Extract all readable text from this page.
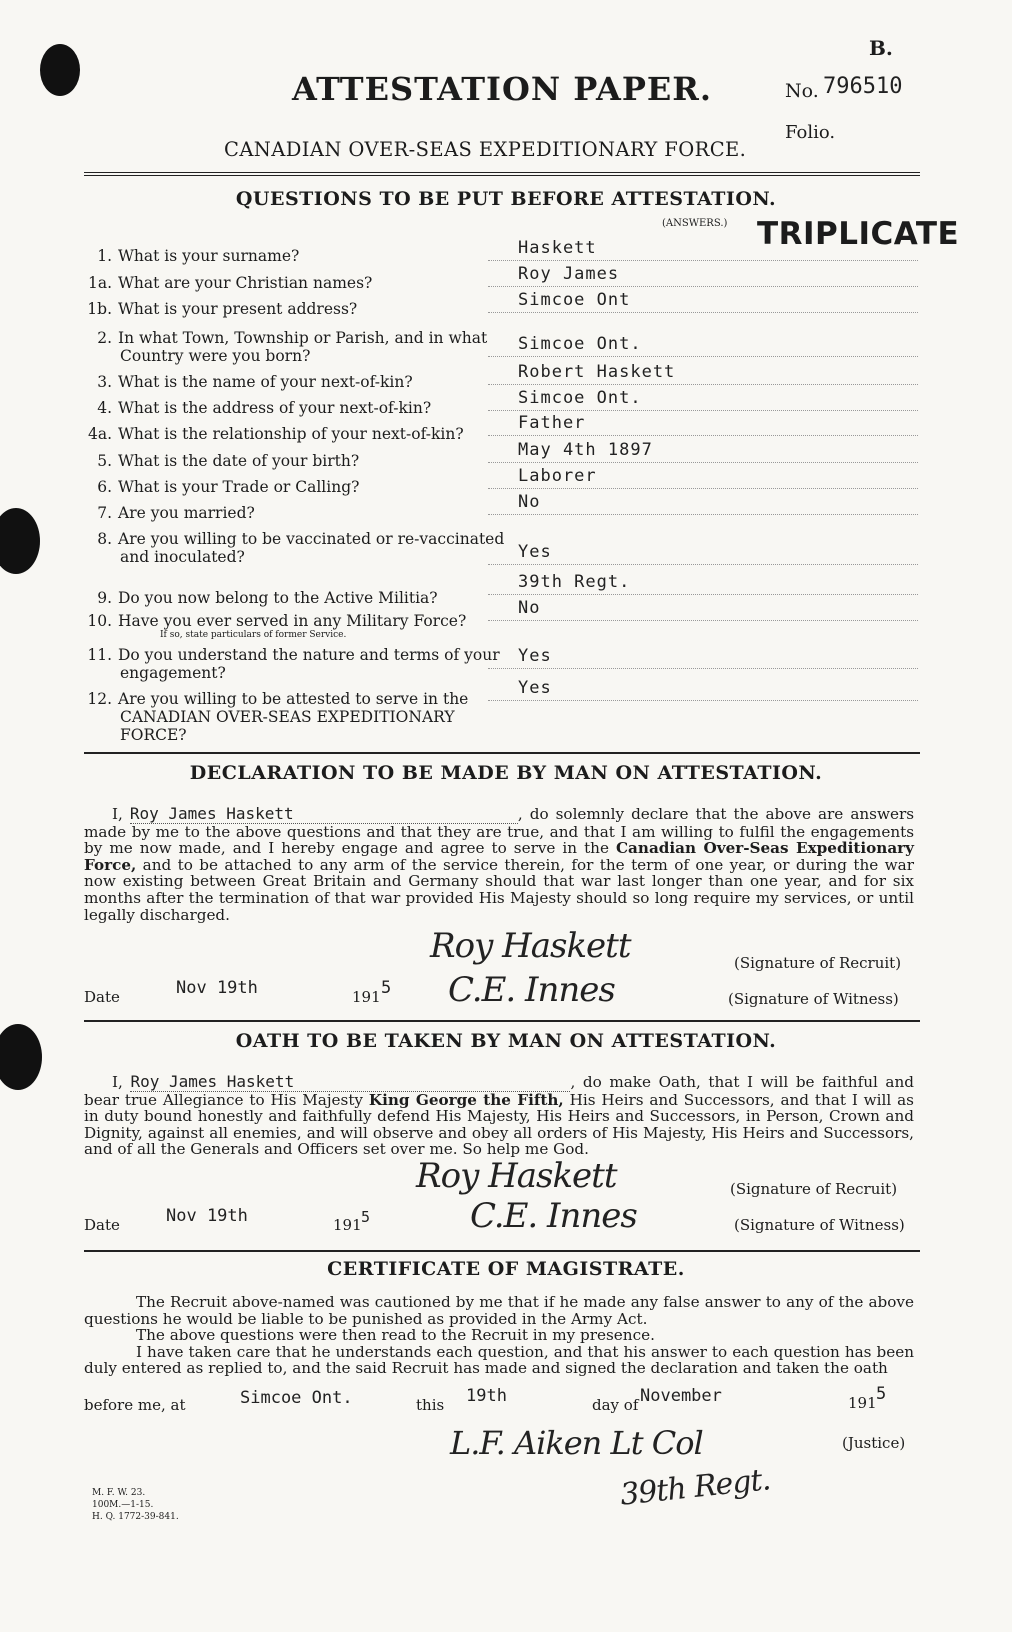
B.
ATTESTATION PAPER.	No. 796510
Folio.
CANADIAN OVER-SEAS EXPEDITIONARY FORCE.
QUESTIONS TO BE PUT BEFORE ATTESTATION.
(ANSWERS.) TRIPLICATE
1. What is your surname?	Haskett
1a. What are your Christian names?	Roy James
1b. What is your present address?	Simcoe Ont
2. In what Town, Township or Parish, and in what Country were you born?
Simcoe Ont.
3. What is the name of your next-of-kin?	Robert Haskett
4. What is the address of your next-of-kin?	Simcoe Ont.
4a. What is the relationship of your next-of-kin?
Father
5. What is the date of your birth?
May 4th 1897
6. What is your Trade or Calling?
Laborer
7. Are you married?
No
8. Are you willing to be vaccinated or re-vaccinated and inoculated?	Yes
9. Do you now belong to the Active Militia?
39th Regt.
10. Have you ever served in any Military Force?
If so, state particulars of former Service.
No
11. Do you understand the nature and terms of your engagement?
Yes
12. Are you willing to be attested to serve in the CANADIAN OVER-SEAS EXPEDITIONARY FORCE?
Yes
DECLARATION TO BE MADE BY MAN ON ATTESTATION.
I, Roy James Haskett	, do solemnly declare that the above are answers made by me to the above questions and that they are true, and that I am willing to fulfil the engagements by me now made, and I hereby engage and agree to serve in the Canadian Over-Seas Expeditionary Force, and to be attached to any arm of the service therein, for the term of one year, or during the war now existing between Great Britain and Germany should that war last longer than one year, and for six months after the termination of that war provided His Majesty should so long require my services, or until legally discharged.
Roy Haskett	(Signature of Recruit)
Date	Nov 19th	191 5 C.E. Innes	(Signature of Witness)
OATH TO BE TAKEN BY MAN ON ATTESTATION.
I, Roy James Haskett	, do make Oath, that I will be faithful and bear true Allegiance to His Majesty King George the Fifth, His Heirs and Successors, and that I will as in duty bound honestly and faithfully defend His Majesty, His Heirs and Successors, in Person, Crown and Dignity, against all enemies, and will observe and obey all orders of His Majesty, His Heirs and Successors, and of all the Generals and Officers set over me. So help me God.
Roy Haskett	(Signature of Recruit)
Date	Nov 19th	191 5	C.E. Innes	(Signature of Witness)
CERTIFICATE OF MAGISTRATE.
The Recruit above-named was cautioned by me that if he made any false answer to any of the above questions he would be liable to be punished as provided in the Army Act.
The above questions were then read to the Recruit in my presence.
I have taken care that he understands each question, and that his answer to each question has been duly entered as replied to, and the said Recruit has made and signed the declaration and taken the oath
before me, at	Simcoe Ont.	this 19th	day of November	191 5
L.F. Aiken Lt Col
39th Regt.
(Justice)
M. F. W. 23.
100M.—1-15.
H. Q. 1772-39-841.
